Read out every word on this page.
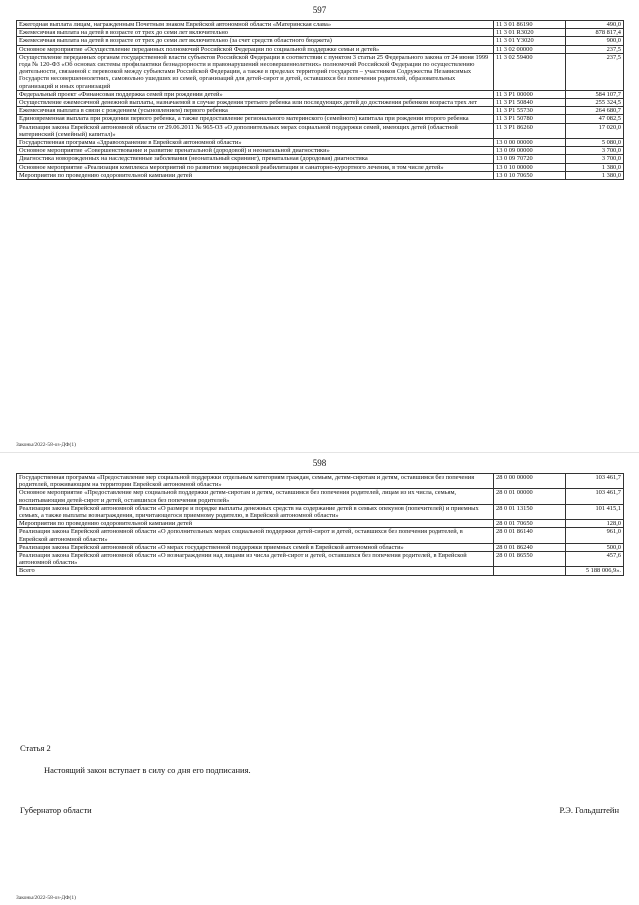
597
Ежегодная выплата лицам, награжденным Почетным знаком Еврейской автономной области «Материнская слава»	11 3 01 86190	490,0
Ежемесячная выплата на детей в возрасте от трех до семи лет включительно	11 3 01 R3020	878 817,4
Ежемесячная выплата на детей в возрасте от трех до семи лет включительно (за счет средств областного бюджета)	11 3 01 Y3020	900,0
Основное мероприятие «Осуществление переданных полномочий Российской Федерации по социальной поддержке семьи и детей»	11 3 02 00000	237,5
Осуществление переданных органам государственной власти субъектов Российской Федерации в соответствии с пунктом 3 статьи 25 Федерального закона от 24 июня 1999 года № 120-ФЗ «Об основах системы профилактики безнадзорности и правонарушений несовершеннолетних» полномочий Российской Федерации по осуществлению деятельности, связанной с перевозкой между субъектами Российской Федерации, а также в пределах территорий государств – участников Содружества Независимых Государств несовершеннолетних, самовольно ушедших из семей, организаций для детей-сирот и детей, оставшихся без попечения родителей, образовательных организаций и иных организаций	11 3 02 59400	237,5
Федеральный проект «Финансовая поддержка семей при рождении детей»	11 3 P1 00000	584 107,7
Осуществление ежемесячной денежной выплаты, назначаемой в случае рождения третьего ребенка или последующих детей до достижения ребенком возраста трех лет	11 3 P1 50840	255 324,5
Ежемесячная выплата в связи с рождением (усыновлением) первого ребенка	11 3 P1 55730	264 680,7
Единовременная выплата при рождении первого ребенка, а также предоставление регионального материнского (семейного) капитала при рождении второго ребенка	11 3 P1 50780	47 082,5
Реализация закона Еврейской автономной области от 29.06.2011 № 965-ОЗ «О дополнительных мерах социальной поддержки семей, имеющих детей (областной материнский (семейный) капитал)»	11 3 P1 86260	17 020,0
Государственная программа «Здравоохранение в Еврейской автономной области»	13 0 00 00000	5 080,0
Основное мероприятие «Совершенствование и развитие пренатальной (дородовой) и неонатальной диагностики»	13 0 09 00000	3 700,0
Диагностика новорожденных на наследственные заболевания (неонатальный скрининг), пренатальная (дородовая) диагностика	13 0 09 70720	3 700,0
Основное мероприятие «Реализация комплекса мероприятий по развитию медицинской реабилитации и санаторно-курортного лечения, в том числе детей»	13 0 10 00000	1 380,0
Мероприятия по проведению оздоровительной кампании детей	13 0 10 70650	1 380,0
Законы/2022-58-оз-ДФ(1)
598
Государственная программа «Предоставление мер социальной поддержки отдельным категориям граждан, семьям, детям-сиротам и детям, оставшимся без попечения родителей, проживающим на территории Еврейской автономной области»	28 0 00 00000	103 461,7
Основное мероприятие «Предоставление мер социальной поддержки детям-сиротам и детям, оставшимся без попечения родителей, лицам из их числа, семьям, воспитывающим детей-сирот и детей, оставшихся без попечения родителей»	28 0 01 00000	103 461,7
Реализация закона Еврейской автономной области «О размере и порядке выплаты денежных средств на содержание детей в семьях опекунов (попечителей) и приемных семьях, а также выплаты вознаграждения, причитающегося приемному родителю, в Еврейской автономной области»	28 0 01 13150	101 415,1
Мероприятия по проведению оздоровительной кампании детей	28 0 01 70650	128,0
Реализация закона Еврейской автономной области «О дополнительных мерах социальной поддержки детей-сирот и детей, оставшихся без попечения родителей, в Еврейской автономной области»	28 0 01 86140	961,0
Реализация закона Еврейской автономной области «О мерах государственной поддержки приемных семей в Еврейской автономной области»	28 0 01 86240	500,0
Реализация закона Еврейской автономной области «О вознаграждении над лицами из числа детей-сирот и детей, оставшихся без попечения родителей, в Еврейской автономной области»	28 0 01 86550	457,6
Всего		5 188 006,9».
Статья 2
Настоящий закон вступает в силу со дня его подписания.
Губернатор области	Р.Э. Гольдштейн
Законы/2022-58-оз-ДФ(1)
